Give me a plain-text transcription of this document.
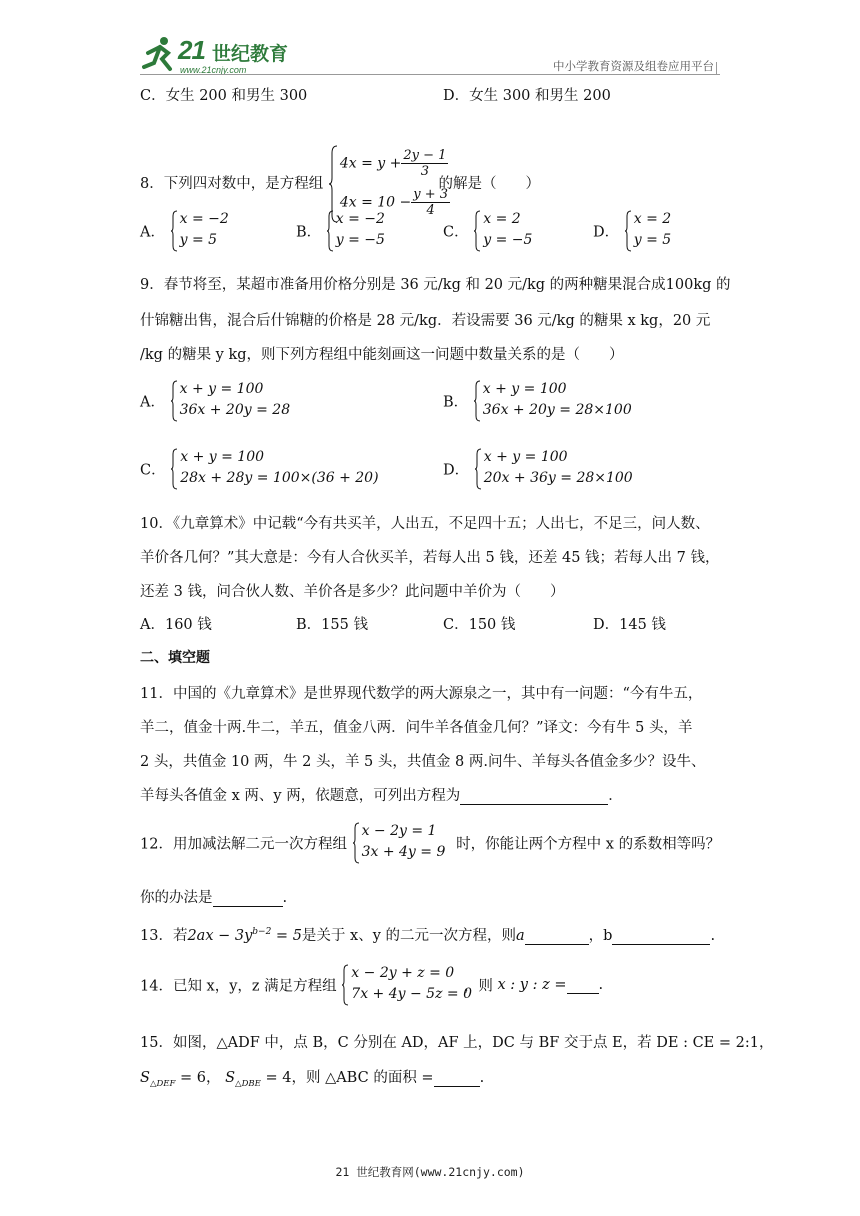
21 世纪教育
www.21cnjy.com	中小学教育资源及组卷应用平台
C．女生 200 和男生 300	D．女生 300 和男生 200
8．下列四对数中，是方程组
$4x = y + \frac{2y - 1}{3}$
$4x = 10 - \frac{y + 3}{4}$
的解是（　　）
A．
x = −2
y = 5	B．
x = −2
y = −5	C．
x = 2
y = −5	D．
x = 2
y = 5
9．春节将至，某超市准备用价格分别是 36 元/kg 和 20 元/kg 的两种糖果混合成100kg 的
什锦糖出售，混合后什锦糖的价格是 28 元/kg．若设需要 36 元/kg 的糖果 x kg，20 元
/kg 的糖果 y kg，则下列方程组中能刻画这一问题中数量关系的是（　　）
A．
x + y = 100
36x + 20y = 28	B．
x + y = 100
36x + 20y = 28×100
C．
x + y = 100
28x + 28y = 100×(36 + 20)	D．
x + y = 100
20x + 36y = 28×100
10．《九章算术》中记载“今有共买羊，人出五，不足四十五；人出七，不足三，问人数、
羊价各几何？”其大意是：今有人合伙买羊，若每人出 5 钱，还差 45 钱；若每人出 7 钱，
还差 3 钱，问合伙人数、羊价各是多少？此问题中羊价为（　　）
A．160 钱	B．155 钱	C．150 钱	D．145 钱
二、填空题
11．中国的《九章算术》是世界现代数学的两大源泉之一，其中有一问题：“今有牛五，
羊二，值金十两.牛二，羊五，值金八两．问牛羊各值金几何？”译文：今有牛 5 头，羊
2 头，共值金 10 两，牛 2 头，羊 5 头，共值金 8 两.问牛、羊每头各值金多少？设牛、
羊每头各值金 x 两、y 两，依题意，可列出方程为	．
12．用加减法解二元一次方程组
x − 2y = 1
3x + 4y = 9 时，你能让两个方程中 x 的系数相等吗？
你的办法是	.
13．若$2ax - 3y^{b-2} = 5$是关于 x、y 的二元一次方程，则a	，b	.
14．已知 x，y，z 满足方程组
x − 2y + z = 0
7x + 4y − 5z = 0
，则 x : y : z = .
15．如图，△ADF 中，点 B，C 分别在 AD，AF 上，DC 与 BF 交于点 E，若 DE : CE = 2:1，
$S_{\triangle DEF} = 6$， $S_{\triangle DBE} = 4$，则 △ABC 的面积 =	.
21 世纪教育网(www.21cnjy.com)
